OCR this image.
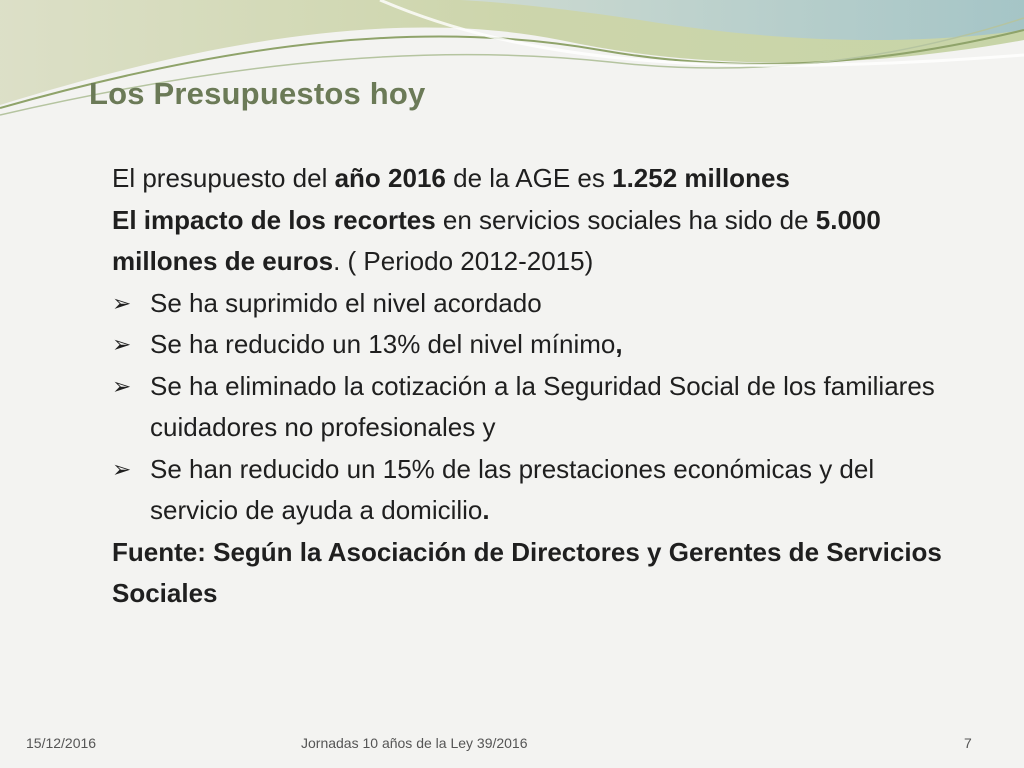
Los Presupuestos hoy

El presupuesto del año 2016 de la AGE es 1.252 millones

El impacto de los recortes en servicios sociales ha sido de 5.000 millones de euros. ( Periodo 2012-2015)

➢ Se ha suprimido el nivel acordado
➢ Se ha reducido un 13% del nivel mínimo,
➢ Se ha eliminado la cotización a la Seguridad Social de los familiares cuidadores no profesionales y
➢ Se han reducido un 15% de las prestaciones económicas y del servicio de ayuda a domicilio.

Fuente: Según la Asociación de Directores y Gerentes de Servicios Sociales

15/12/2016	Jornadas 10 años de la Ley 39/2016	7
